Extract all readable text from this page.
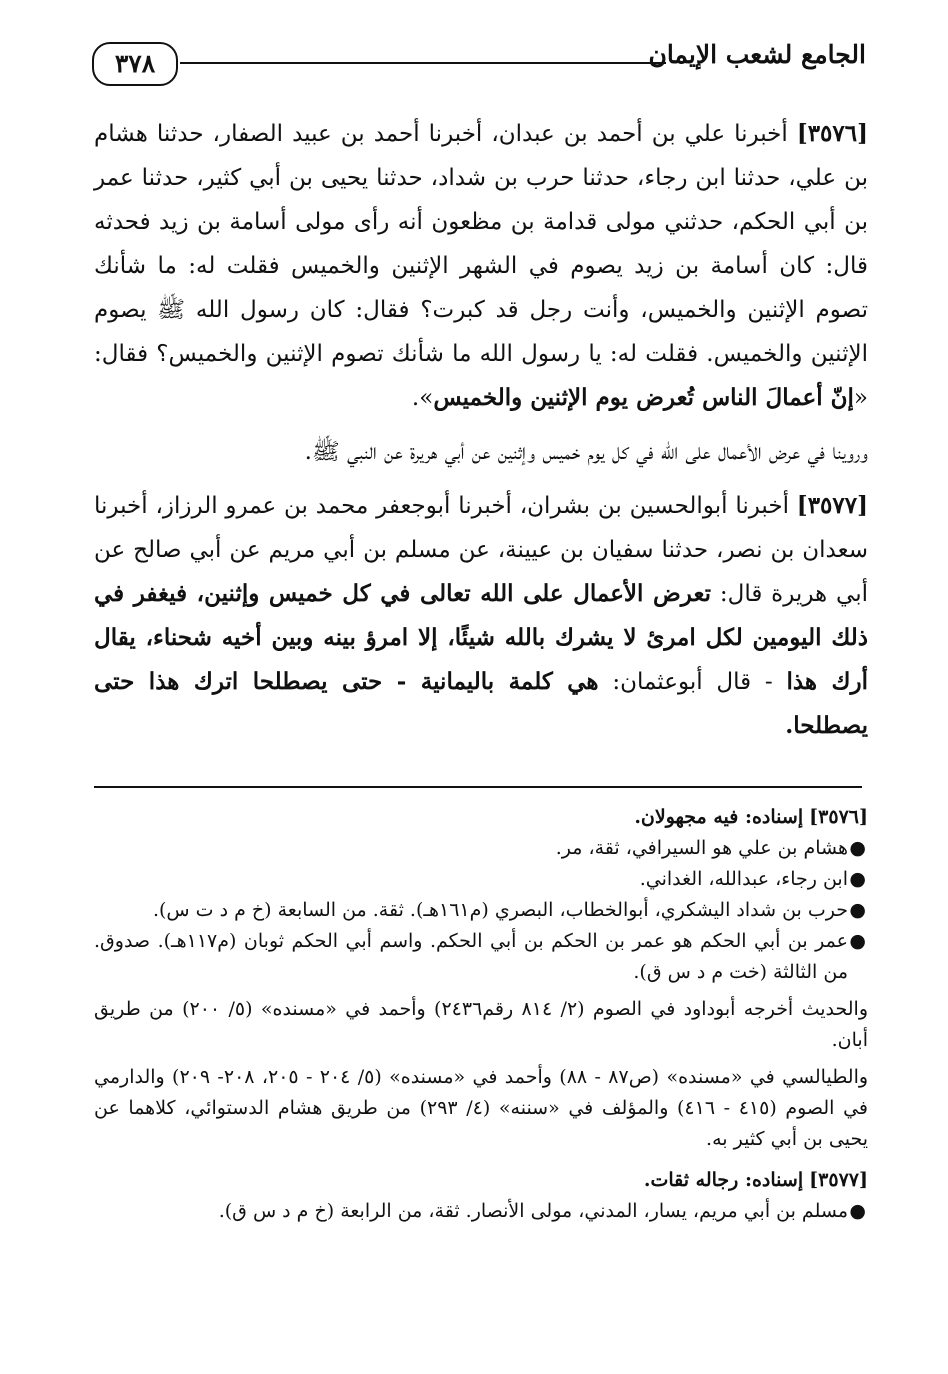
الجامع لشعب الإيمان
٣٧٨

[٣٥٧٦] أخبرنا علي بن أحمد بن عبدان، أخبرنا أحمد بن عبيد الصفار، حدثنا هشام بن علي، حدثنا ابن رجاء، حدثنا حرب بن شداد، حدثنا يحيى بن أبي كثير، حدثنا عمر بن أبي الحكم، حدثني مولى قدامة بن مظعون أنه رأى مولى أسامة بن زيد فحدثه قال: كان أسامة بن زيد يصوم في الشهر الإثنين والخميس فقلت له: ما شأنك تصوم الإثنين والخميس، وأنت رجل قد كبرت؟ فقال: كان رسول الله ﷺ يصوم الإثنين والخميس. فقلت له: يا رسول الله ما شأنك تصوم الإثنين والخميس؟ فقال: «إنّ أعمالَ الناس تُعرض يوم الإثنين والخميس».

وروينا في عرض الأعمال على الله في كل يوم خميس وإثنين عن أبي هريرة عن النبي ﷺ.

[٣٥٧٧] أخبرنا أبوالحسين بن بشران، أخبرنا أبوجعفر محمد بن عمرو الرزاز، أخبرنا سعدان بن نصر، حدثنا سفيان بن عيينة، عن مسلم بن أبي مريم عن أبي صالح عن أبي هريرة قال: تعرض الأعمال على الله تعالى في كل خميس وإثنين، فيغفر في ذلك اليومين لكل امرئ لا يشرك بالله شيئًا، إلا امرؤ بينه وبين أخيه شحناء، يقال أرك هذا - قال أبوعثمان: هي كلمة باليمانية - حتى يصطلحا اترك هذا حتى يصطلحا.

[٣٥٧٦] إسناده: فيه مجهولان.

●
هشام بن علي هو السيرافي، ثقة، مر.

●
ابن رجاء، عبدالله، الغداني.

●
حرب بن شداد اليشكري، أبوالخطاب، البصري (م١٦١هـ). ثقة. من السابعة (خ م د ت س).

●
عمر بن أبي الحكم هو عمر بن الحكم بن أبي الحكم. واسم أبي الحكم ثوبان (م١١٧هـ). صدوق. من الثالثة (خت م د س ق).

والحديث أخرجه أبوداود في الصوم (٢/ ٨١٤ رقم٢٤٣٦) وأحمد في «مسنده» (٥/ ٢٠٠) من طريق أبان.

والطيالسي في «مسنده» (ص٨٧ - ٨٨) وأحمد في «مسنده» (٥/ ٢٠٤ - ٢٠٥، ٢٠٨- ٢٠٩) والدارمي في الصوم (٤١٥ - ٤١٦) والمؤلف في «سننه» (٤/ ٢٩٣) من طريق هشام الدستوائي، كلاهما عن يحيى بن أبي كثير به.

[٣٥٧٧] إسناده: رجاله ثقات.

●
مسلم بن أبي مريم، يسار، المدني، مولى الأنصار. ثقة، من الرابعة (خ م د س ق).
